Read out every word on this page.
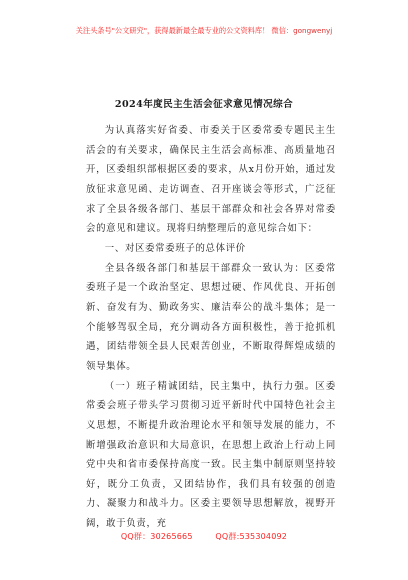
关注头条号"公文研究"，获得最新最全最专业的公文资料库！ 微信：gongwenyj
2024年度民主生活会征求意见情况综合

为认真落实好省委、市委关于区委常委专题民主生活会的有关要求，确保民主生活会高标准、高质量地召开，区委组织部根据区委的要求，从x月份开始，通过发放征求意见函、走访调查、召开座谈会等形式，广泛征求了全县各级各部门、基层干部群众和社会各界对常委会的意见和建议。现将归纳整理后的意见综合如下：

一、对区委常委班子的总体评价

全县各级各部门和基层干部群众一致认为：区委常委班子是一个政治坚定、思想过硬、作风优良、开拓创新、奋发有为、勤政务实、廉洁奉公的战斗集体；是一个能够驾驭全局，充分调动各方面积极性，善于抢抓机遇，团结带领全县人民艰苦创业，不断取得辉煌成绩的领导集体。

（一）班子精诚团结，民主集中，执行力强。区委常委会班子带头学习贯彻习近平新时代中国特色社会主义思想，不断提升政治理论水平和领导发展的能力，不断增强政治意识和大局意识，在思想上政治上行动上同党中央和省市委保持高度一致。民主集中制原则坚持较好，既分工负责，又团结协作，我们具有较强的创造力、凝聚力和战斗力。区委主要领导思想解放，视野开阔，敢于负责，充

QQ群：30265665	QQ群:535304092
